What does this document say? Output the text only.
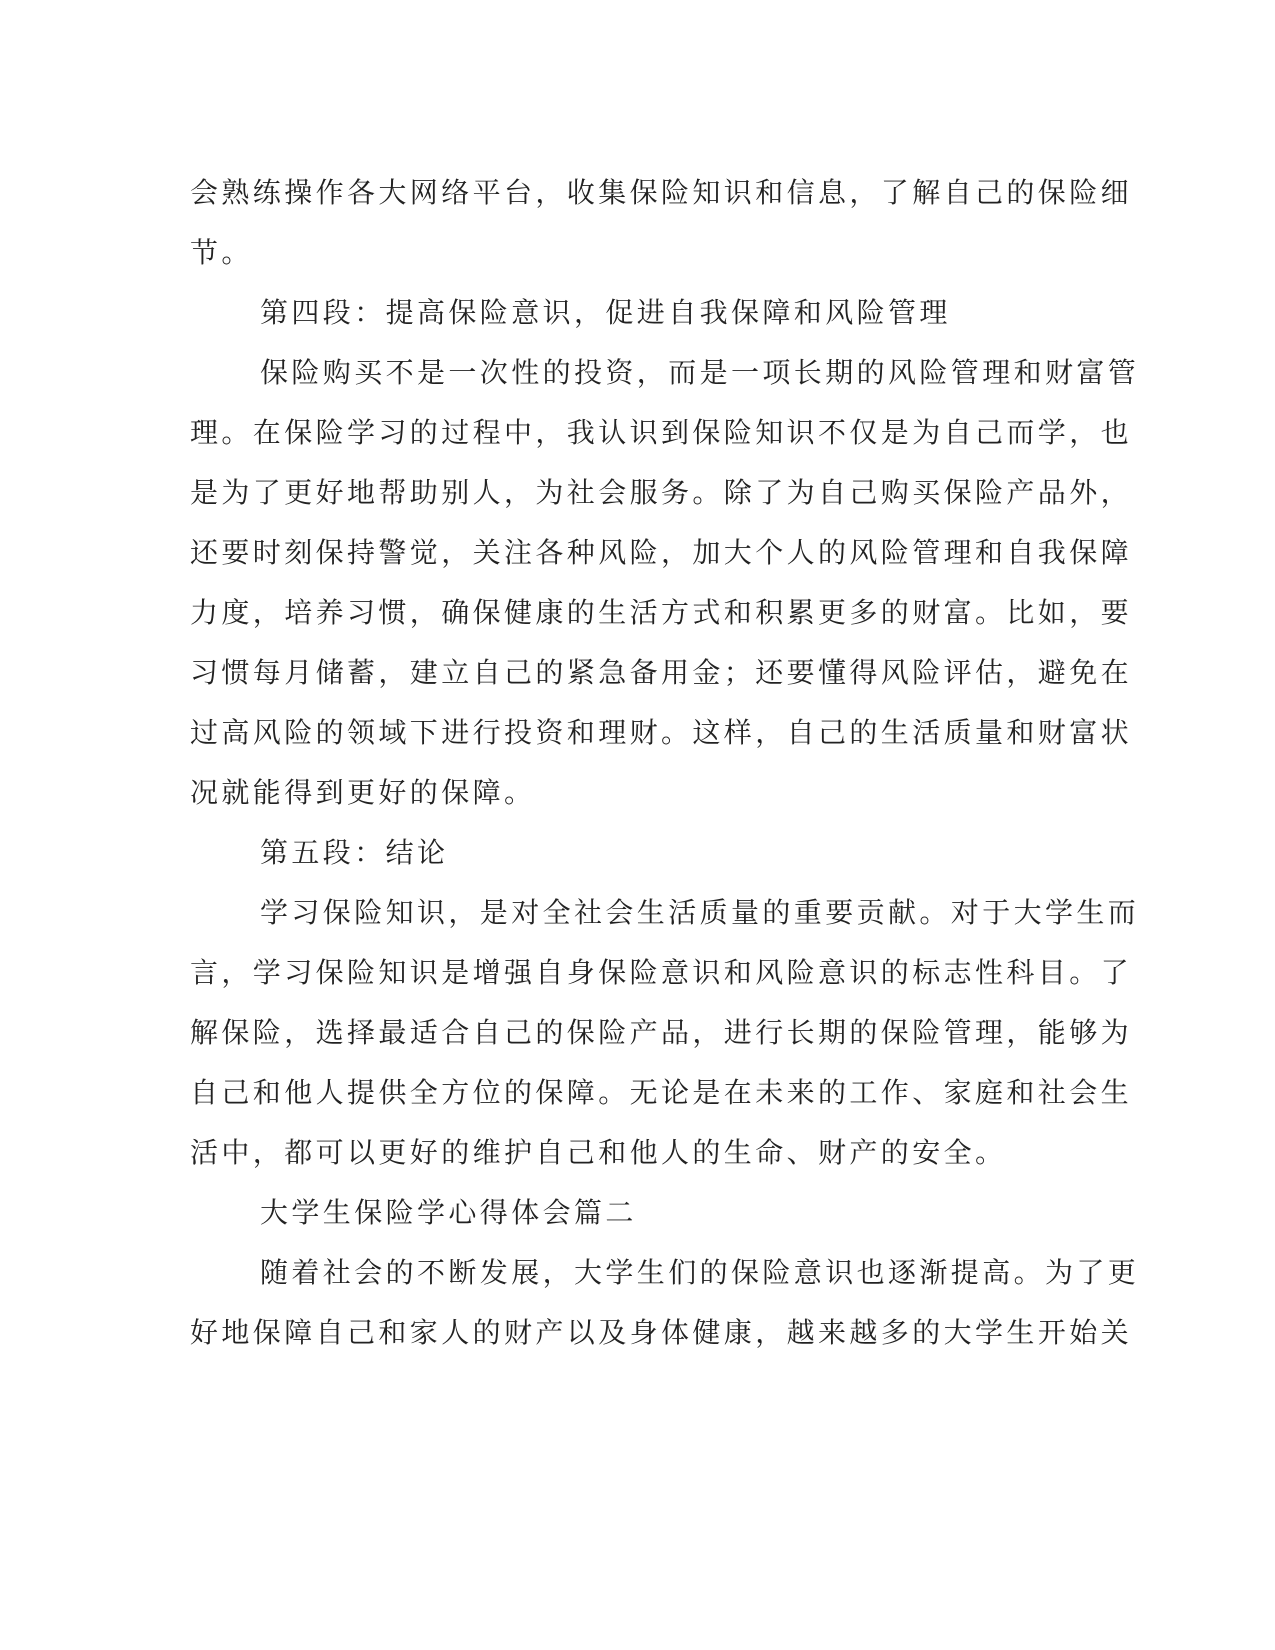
会熟练操作各大网络平台，收集保险知识和信息，了解自己的保险细
节。
第四段：提高保险意识，促进自我保障和风险管理
保险购买不是一次性的投资，而是一项长期的风险管理和财富管
理。在保险学习的过程中，我认识到保险知识不仅是为自己而学，也
是为了更好地帮助别人，为社会服务。除了为自己购买保险产品外，
还要时刻保持警觉，关注各种风险，加大个人的风险管理和自我保障
力度，培养习惯，确保健康的生活方式和积累更多的财富。比如，要
习惯每月储蓄，建立自己的紧急备用金；还要懂得风险评估，避免在
过高风险的领域下进行投资和理财。这样，自己的生活质量和财富状
况就能得到更好的保障。
第五段：结论
学习保险知识，是对全社会生活质量的重要贡献。对于大学生而
言，学习保险知识是增强自身保险意识和风险意识的标志性科目。了
解保险，选择最适合自己的保险产品，进行长期的保险管理，能够为
自己和他人提供全方位的保障。无论是在未来的工作、家庭和社会生
活中，都可以更好的维护自己和他人的生命、财产的安全。
大学生保险学心得体会篇二
随着社会的不断发展，大学生们的保险意识也逐渐提高。为了更
好地保障自己和家人的财产以及身体健康，越来越多的大学生开始关
